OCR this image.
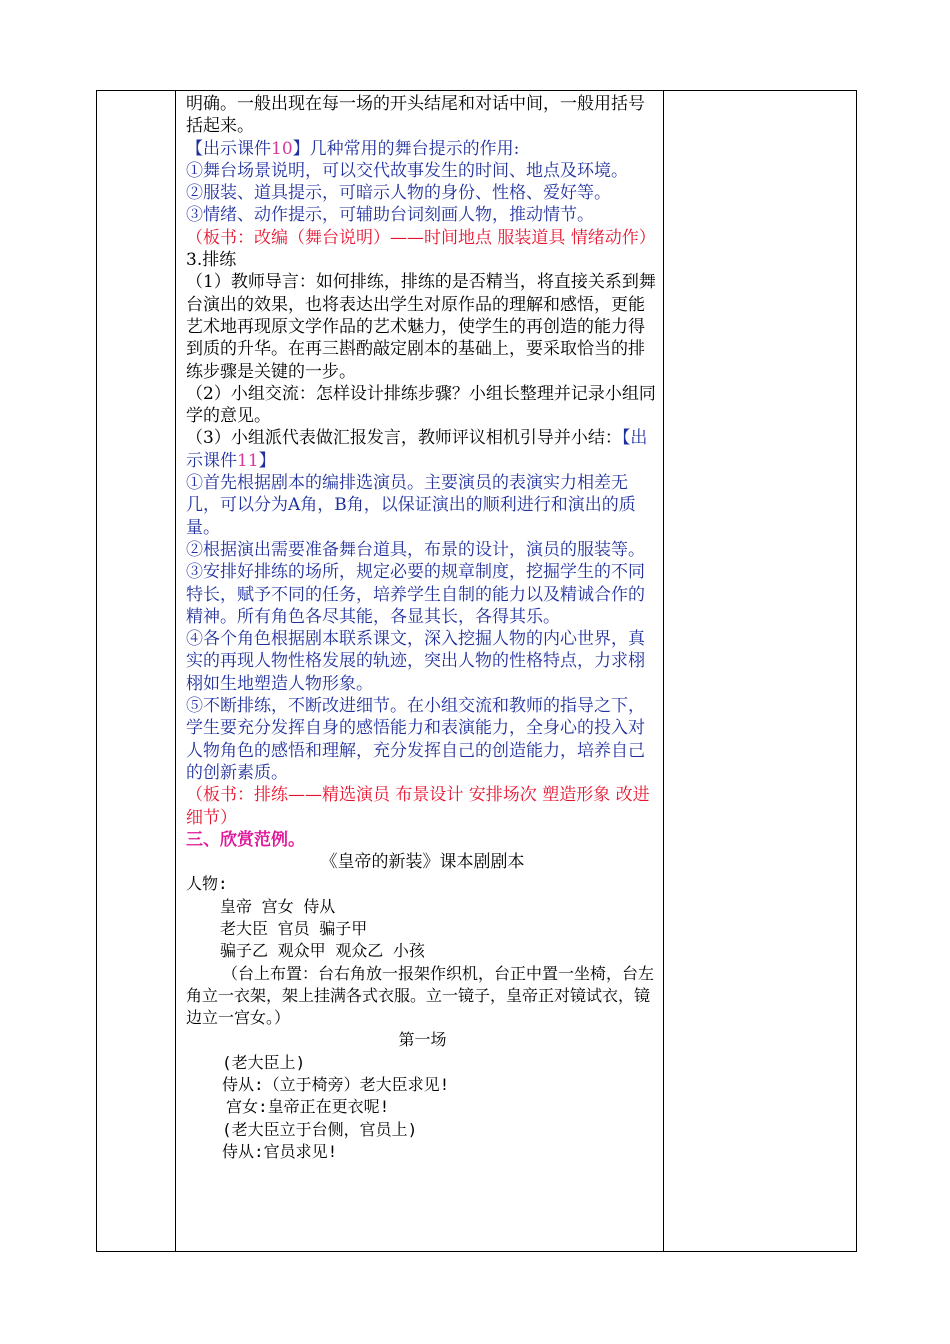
明确。一般出现在每一场的开头结尾和对话中间，一般用括号括起来。

【出示课件10】几种常用的舞台提示的作用:

①舞台场景说明，可以交代故事发生的时间、地点及环境。

②服装、道具提示，可暗示人物的身份、性格、爱好等。

③情绪、动作提示，可辅助台词刻画人物，推动情节。

（板书：改编（舞台说明）——时间地点 服装道具 情绪动作）

3.排练

（1）教师导言：如何排练，排练的是否精当，将直接关系到舞台演出的效果，也将表达出学生对原作品的理解和感悟，更能艺术地再现原文学作品的艺术魅力，使学生的再创造的能力得到质的升华。在再三斟酌敲定剧本的基础上，要采取恰当的排练步骤是关键的一步。

（2）小组交流：怎样设计排练步骤？小组长整理并记录小组同学的意见。

（3）小组派代表做汇报发言，教师评议相机引导并小结：【出示课件11】

①首先根据剧本的编排选演员。主要演员的表演实力相差无几，可以分为A角，B角，以保证演出的顺利进行和演出的质量。

②根据演出需要准备舞台道具，布景的设计，演员的服装等。

③安排好排练的场所，规定必要的规章制度，挖掘学生的不同特长，赋予不同的任务，培养学生自制的能力以及精诚合作的精神。所有角色各尽其能，各显其长，各得其乐。

④各个角色根据剧本联系课文，深入挖掘人物的内心世界，真实的再现人物性格发展的轨迹，突出人物的性格特点，力求栩栩如生地塑造人物形象。

⑤不断排练，不断改进细节。在小组交流和教师的指导之下，学生要充分发挥自身的感悟能力和表演能力，全身心的投入对人物角色的感悟和理解，充分发挥自己的创造能力，培养自己的创新素质。

（板书：排练——精选演员 布景设计 安排场次 塑造形象 改进细节）

三、欣赏范例。

《皇帝的新装》课本剧剧本

人物:

皇帝 宫女 侍从

老大臣 官员 骗子甲

骗子乙 观众甲 观众乙 小孩

（台上布置：台右角放一报架作织机，台正中置一坐椅，台左角立一衣架，架上挂满各式衣服。立一镜子，皇帝正对镜试衣，镜边立一宫女。）

第一场

(老大臣上)

侍从:（立于椅旁）老大臣求见!

宫女:皇帝正在更衣呢!

(老大臣立于台侧，官员上)

侍从:官员求见!
